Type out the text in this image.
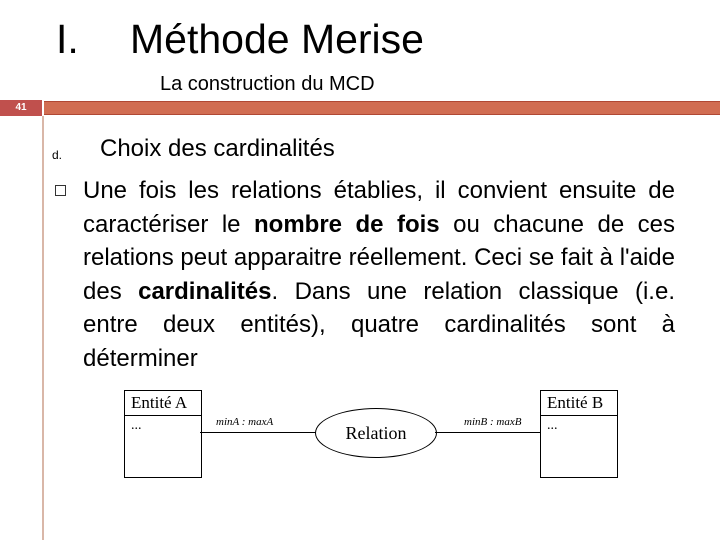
I. Méthode Merise
La construction du MCD
41
d. Choix des cardinalités
Une fois les relations établies, il convient ensuite de caractériser le nombre de fois ou chacune de ces relations peut apparaitre réellement. Ceci se fait à l'aide des cardinalités. Dans une relation classique (i.e. entre deux entités), quatre cardinalités sont à déterminer
Entité A
...	minA : maxA
Relation
minB : maxB
Entité B
...
